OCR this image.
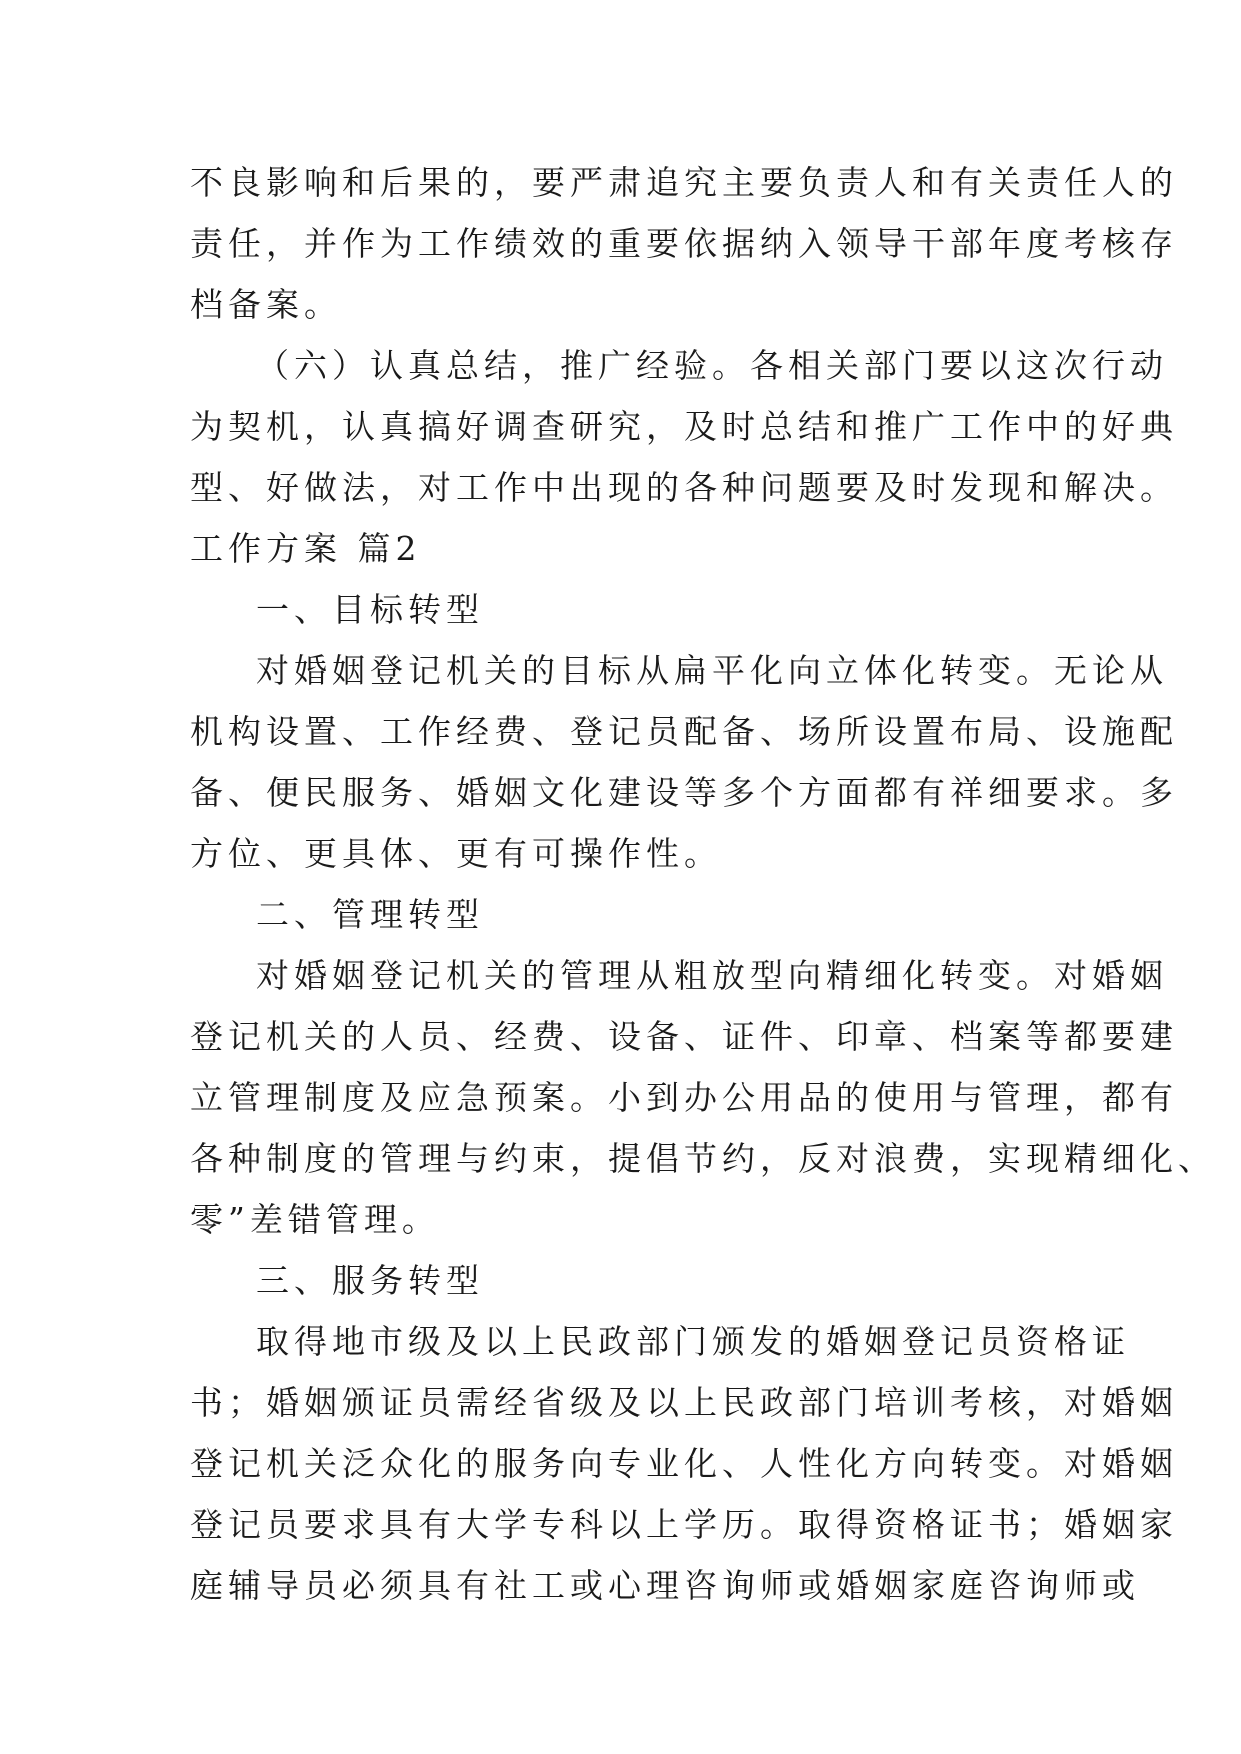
不良影响和后果的，要严肃追究主要负责人和有关责任人的
责任，并作为工作绩效的重要依据纳入领导干部年度考核存
档备案。
（六）认真总结，推广经验。各相关部门要以这次行动
为契机，认真搞好调查研究，及时总结和推广工作中的好典
型、好做法，对工作中出现的各种问题要及时发现和解决。
工作方案 篇2
一、目标转型
对婚姻登记机关的目标从扁平化向立体化转变。无论从
机构设置、工作经费、登记员配备、场所设置布局、设施配
备、便民服务、婚姻文化建设等多个方面都有祥细要求。多
方位、更具体、更有可操作性。
二、管理转型
对婚姻登记机关的管理从粗放型向精细化转变。对婚姻
登记机关的人员、经费、设备、证件、印章、档案等都要建
立管理制度及应急预案。小到办公用品的使用与管理，都有
各种制度的管理与约束，提倡节约，反对浪费，实现精细化、
零”差错管理。
三、服务转型
取得地市级及以上民政部门颁发的婚姻登记员资格证
书；婚姻颁证员需经省级及以上民政部门培训考核，对婚姻
登记机关泛众化的服务向专业化、人性化方向转变。对婚姻
登记员要求具有大学专科以上学历。取得资格证书；婚姻家
庭辅导员必须具有社工或心理咨询师或婚姻家庭咨询师或
